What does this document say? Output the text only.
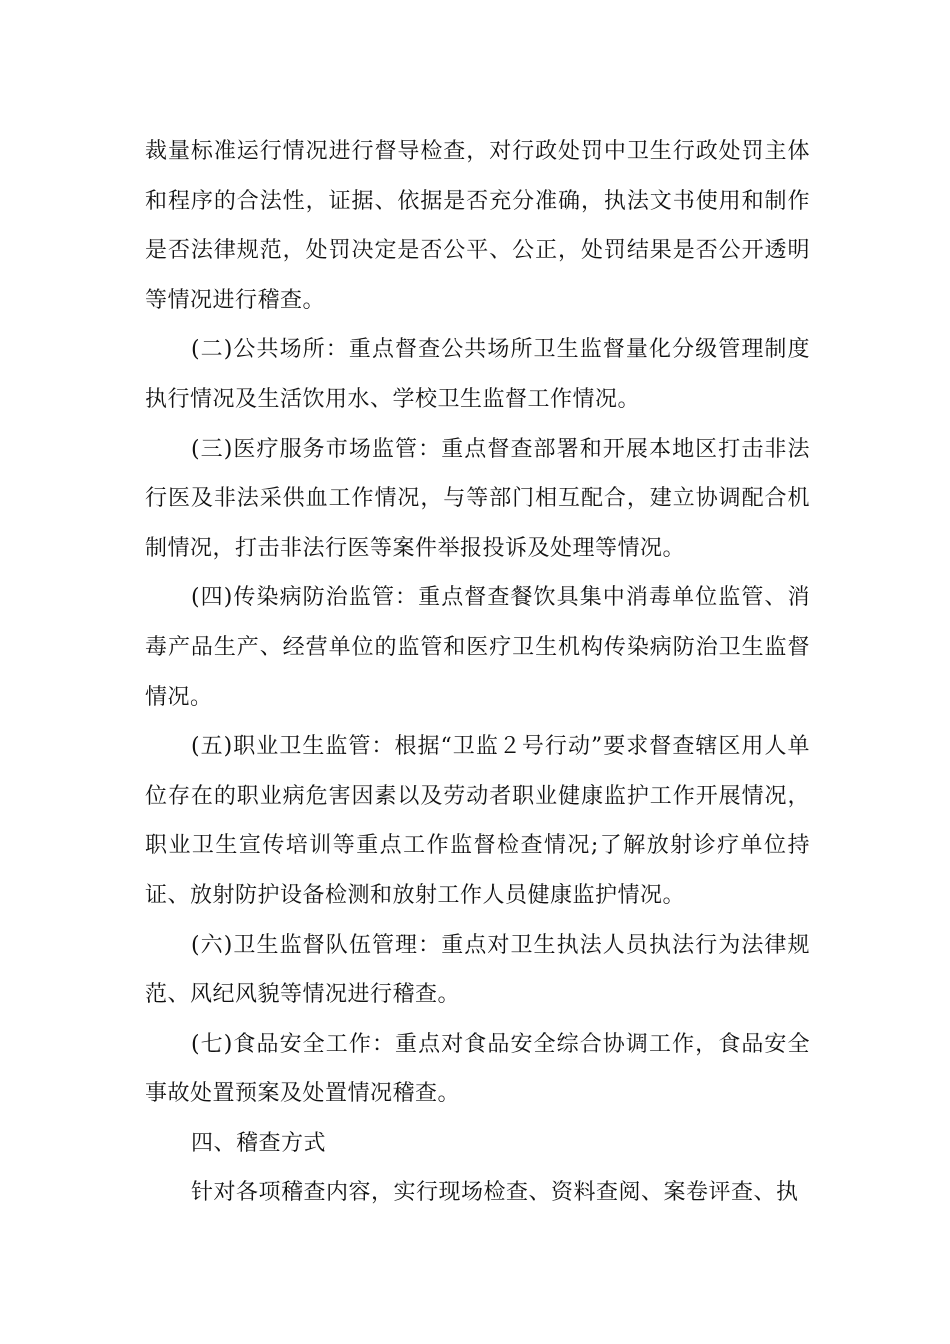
裁量标准运行情况进行督导检查，对行政处罚中卫生行政处罚主体和程序的合法性，证据、依据是否充分准确，执法文书使用和制作是否法律规范，处罚决定是否公平、公正，处罚结果是否公开透明等情况进行稽查。

(二)公共场所：重点督查公共场所卫生监督量化分级管理制度执行情况及生活饮用水、学校卫生监督工作情况。

(三)医疗服务市场监管：重点督查部署和开展本地区打击非法行医及非法采供血工作情况，与等部门相互配合，建立协调配合机制情况，打击非法行医等案件举报投诉及处理等情况。

(四)传染病防治监管：重点督查餐饮具集中消毒单位监管、消毒产品生产、经营单位的监管和医疗卫生机构传染病防治卫生监督情况。

(五)职业卫生监管：根据“卫监２号行动”要求督查辖区用人单位存在的职业病危害因素以及劳动者职业健康监护工作开展情况，职业卫生宣传培训等重点工作监督检查情况;了解放射诊疗单位持证、放射防护设备检测和放射工作人员健康监护情况。

(六)卫生监督队伍管理：重点对卫生执法人员执法行为法律规范、风纪风貌等情况进行稽查。

(七)食品安全工作：重点对食品安全综合协调工作，食品安全事故处置预案及处置情况稽查。

四、稽查方式

针对各项稽查内容，实行现场检查、资料查阅、案卷评查、执
